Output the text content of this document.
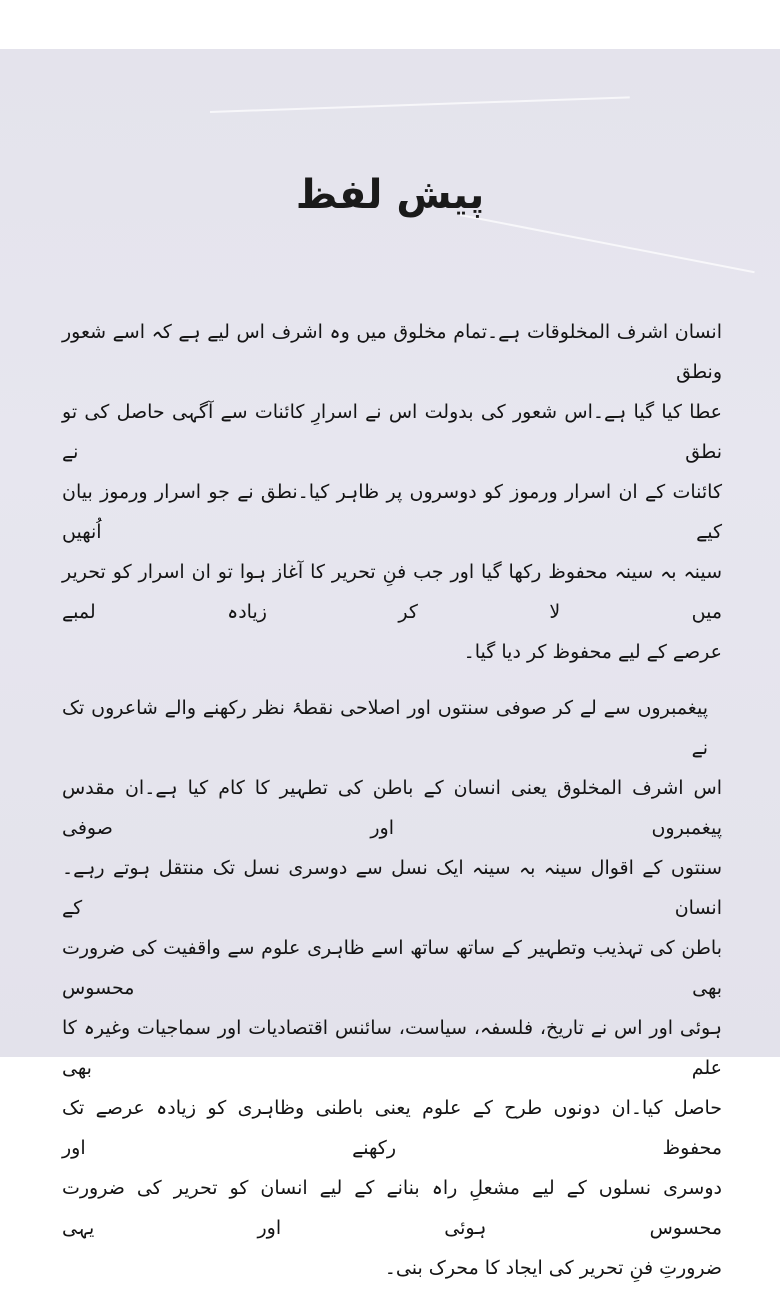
پیش لفظ
انسان اشرف المخلوقات ہے۔تمام مخلوق میں وہ اشرف اس لیے ہے کہ اسے شعور ونطق
عطا کیا گیا ہے۔اس شعور کی بدولت اس نے اسرارِ کائنات سے آگہی حاصل کی تو نطق نے
کائنات کے ان اسرار ورموز کو دوسروں پر ظاہر کیا۔نطق نے جو اسرار ورموز بیان کیے اُنھیں
سینہ بہ سینہ محفوظ رکھا گیا اور جب فنِ تحریر کا آغاز ہوا تو ان اسرار کو تحریر میں لا کر زیادہ لمبے
عرصے کے لیے محفوظ کر دیا گیا۔
پیغمبروں سے لے کر صوفی سنتوں اور اصلاحی نقطۂ نظر رکھنے والے شاعروں تک نے
اس اشرف المخلوق یعنی انسان کے باطن کی تطہیر کا کام کیا ہے۔ان مقدس پیغمبروں اور صوفی
سنتوں کے اقوال سینہ بہ سینہ ایک نسل سے دوسری نسل تک منتقل ہوتے رہے۔انسان کے
باطن کی تہذیب وتطہیر کے ساتھ ساتھ اسے ظاہری علوم سے واقفیت کی ضرورت بھی محسوس
ہوئی اور اس نے تاریخ، فلسفہ، سیاست، سائنس اقتصادیات اور سماجیات وغیرہ کا علم بھی
حاصل کیا۔ان دونوں طرح کے علوم یعنی باطنی وظاہری کو زیادہ عرصے تک محفوظ رکھنے اور
دوسری نسلوں کے لیے مشعلِ راہ بنانے کے لیے انسان کو تحریر کی ضرورت محسوس ہوئی اور یہی
ضرورتِ فنِ تحریر کی ایجاد کا محرک بنی۔
